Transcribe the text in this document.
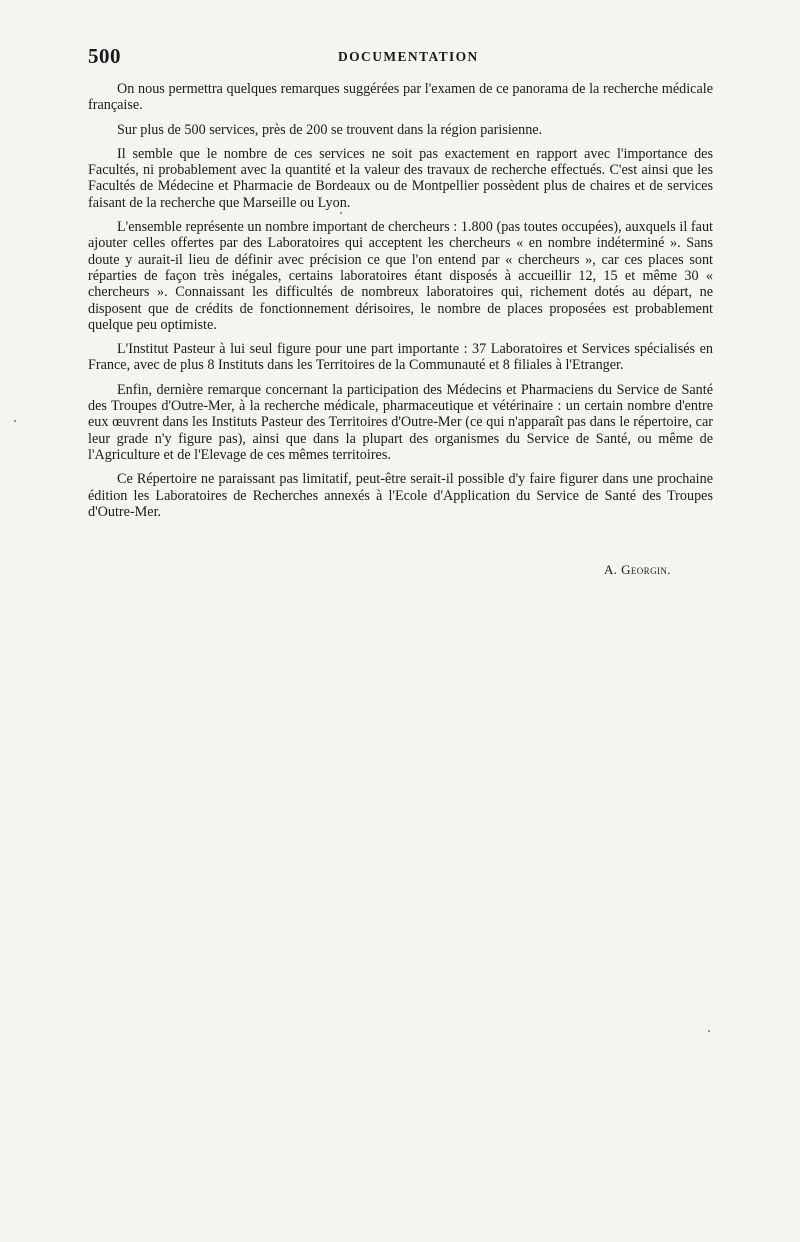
500	DOCUMENTATION

On nous permettra quelques remarques suggérées par l'examen de ce panorama de la recherche médicale française.

Sur plus de 500 services, près de 200 se trouvent dans la région parisienne.

Il semble que le nombre de ces services ne soit pas exactement en rapport avec l'importance des Facultés, ni probablement avec la quantité et la valeur des travaux de recherche effectués. C'est ainsi que les Facultés de Médecine et Pharmacie de Bordeaux ou de Montpellier possèdent plus de chaires et de services faisant de la recherche que Marseille ou Lyon.

L'ensemble représente un nombre important de chercheurs : 1.800 (pas toutes occupées), auxquels il faut ajouter celles offertes par des Laboratoires qui acceptent les chercheurs « en nombre indéterminé ». Sans doute y aurait-il lieu de définir avec précision ce que l'on entend par « chercheurs », car ces places sont réparties de façon très inégales, certains laboratoires étant disposés à accueillir 12, 15 et même 30 « chercheurs ». Connaissant les difficultés de nombreux laboratoires qui, richement dotés au départ, ne disposent que de crédits de fonctionnement dérisoires, le nombre de places proposées est probablement quelque peu optimiste.

L'Institut Pasteur à lui seul figure pour une part importante : 37 Laboratoires et Services spécialisés en France, avec de plus 8 Instituts dans les Territoires de la Communauté et 8 filiales à l'Etranger.

Enfin, dernière remarque concernant la participation des Médecins et Pharmaciens du Service de Santé des Troupes d'Outre-Mer, à la recherche médicale, pharmaceutique et vétérinaire : un certain nombre d'entre eux œuvrent dans les Instituts Pasteur des Territoires d'Outre-Mer (ce qui n'apparaît pas dans le répertoire, car leur grade n'y figure pas), ainsi que dans la plupart des organismes du Service de Santé, ou même de l'Agriculture et de l'Elevage de ces mêmes territoires.

Ce Répertoire ne paraissant pas limitatif, peut-être serait-il possible d'y faire figurer dans une prochaine édition les Laboratoires de Recherches annexés à l'Ecole d'Application du Service de Santé des Troupes d'Outre-Mer.

A. Georgin.
